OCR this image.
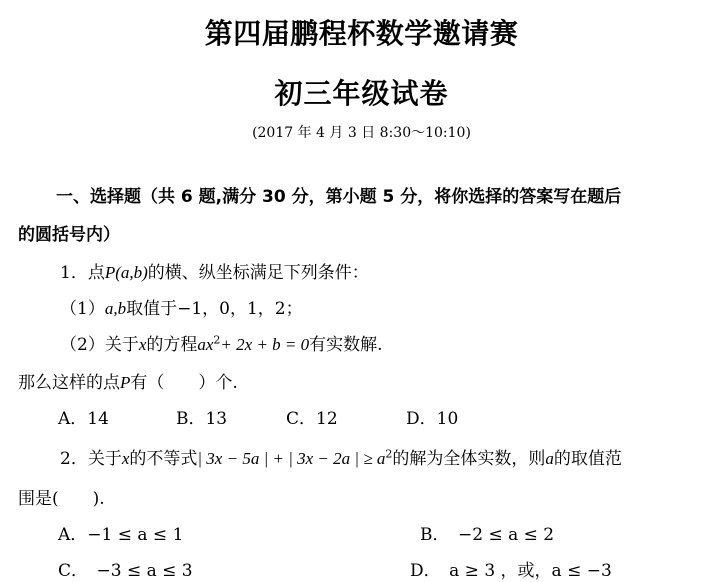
第四届鹏程杯数学邀请赛
初三年级试卷
(2017 年 4 月 3 日 8:30～10:10)
一、选择题（共 6 题,满分 30 分，第小题 5 分，将你选择的答案写在题后
的圆括号内）
1．点P(a,b)的横、纵坐标满足下列条件：
（1）a,b取值于−1，0，1，2；
（2）关于x的方程$ax^2+ 2x + b = 0$有实数解.
那么这样的点P有（　　）个.
A．14	B．13	C．12	D．10
2．关于x的不等式| 3x − 5a | + | 3x − 2a | ≥ $a^2$的解为全体实数，则a的取值范
围是(　　).
A．−1 ≤ a ≤ 1	B．　−2 ≤ a ≤ 2
C．　−3 ≤ a ≤ 3	D．　a ≥ 3 ，或，a ≤ −3
